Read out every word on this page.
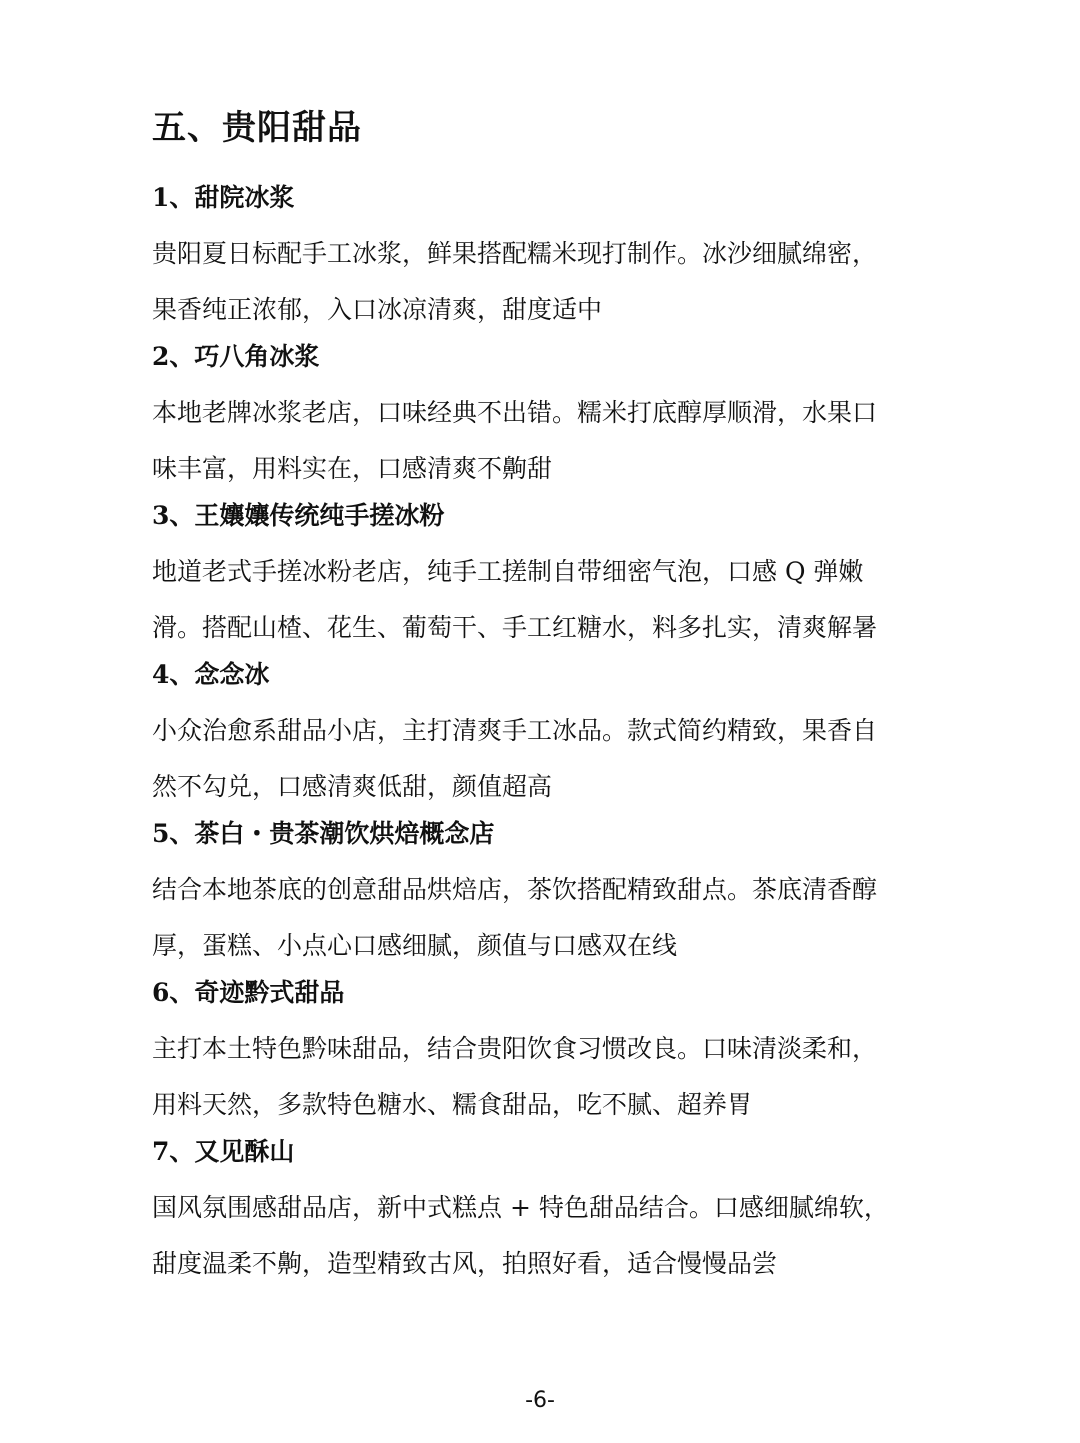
五、贵阳甜品
1、甜院冰浆

贵阳夏日标配手工冰浆，鲜果搭配糯米现打制作。冰沙细腻绵密，
果香纯正浓郁，入口冰凉清爽，甜度适中

2、巧八角冰浆

本地老牌冰浆老店，口味经典不出错。糯米打底醇厚顺滑，水果口
味丰富，用料实在，口感清爽不齁甜

3、王孃孃传统纯手搓冰粉

地道老式手搓冰粉老店，纯手工搓制自带细密气泡，口感 Q 弹嫩
滑。搭配山楂、花生、葡萄干、手工红糖水，料多扎实，清爽解暑

4、念念冰

小众治愈系甜品小店，主打清爽手工冰品。款式简约精致，果香自
然不勾兑，口感清爽低甜，颜值超高

5、茶白・贵茶潮饮烘焙概念店

结合本地茶底的创意甜品烘焙店，茶饮搭配精致甜点。茶底清香醇
厚，蛋糕、小点心口感细腻，颜值与口感双在线

6、奇迹黔式甜品

主打本土特色黔味甜品，结合贵阳饮食习惯改良。口味清淡柔和，
用料天然，多款特色糖水、糯食甜品，吃不腻、超养胃

7、又见酥山

国风氛围感甜品店，新中式糕点 + 特色甜品结合。口感细腻绵软，
甜度温柔不齁，造型精致古风，拍照好看，适合慢慢品尝

-6-
